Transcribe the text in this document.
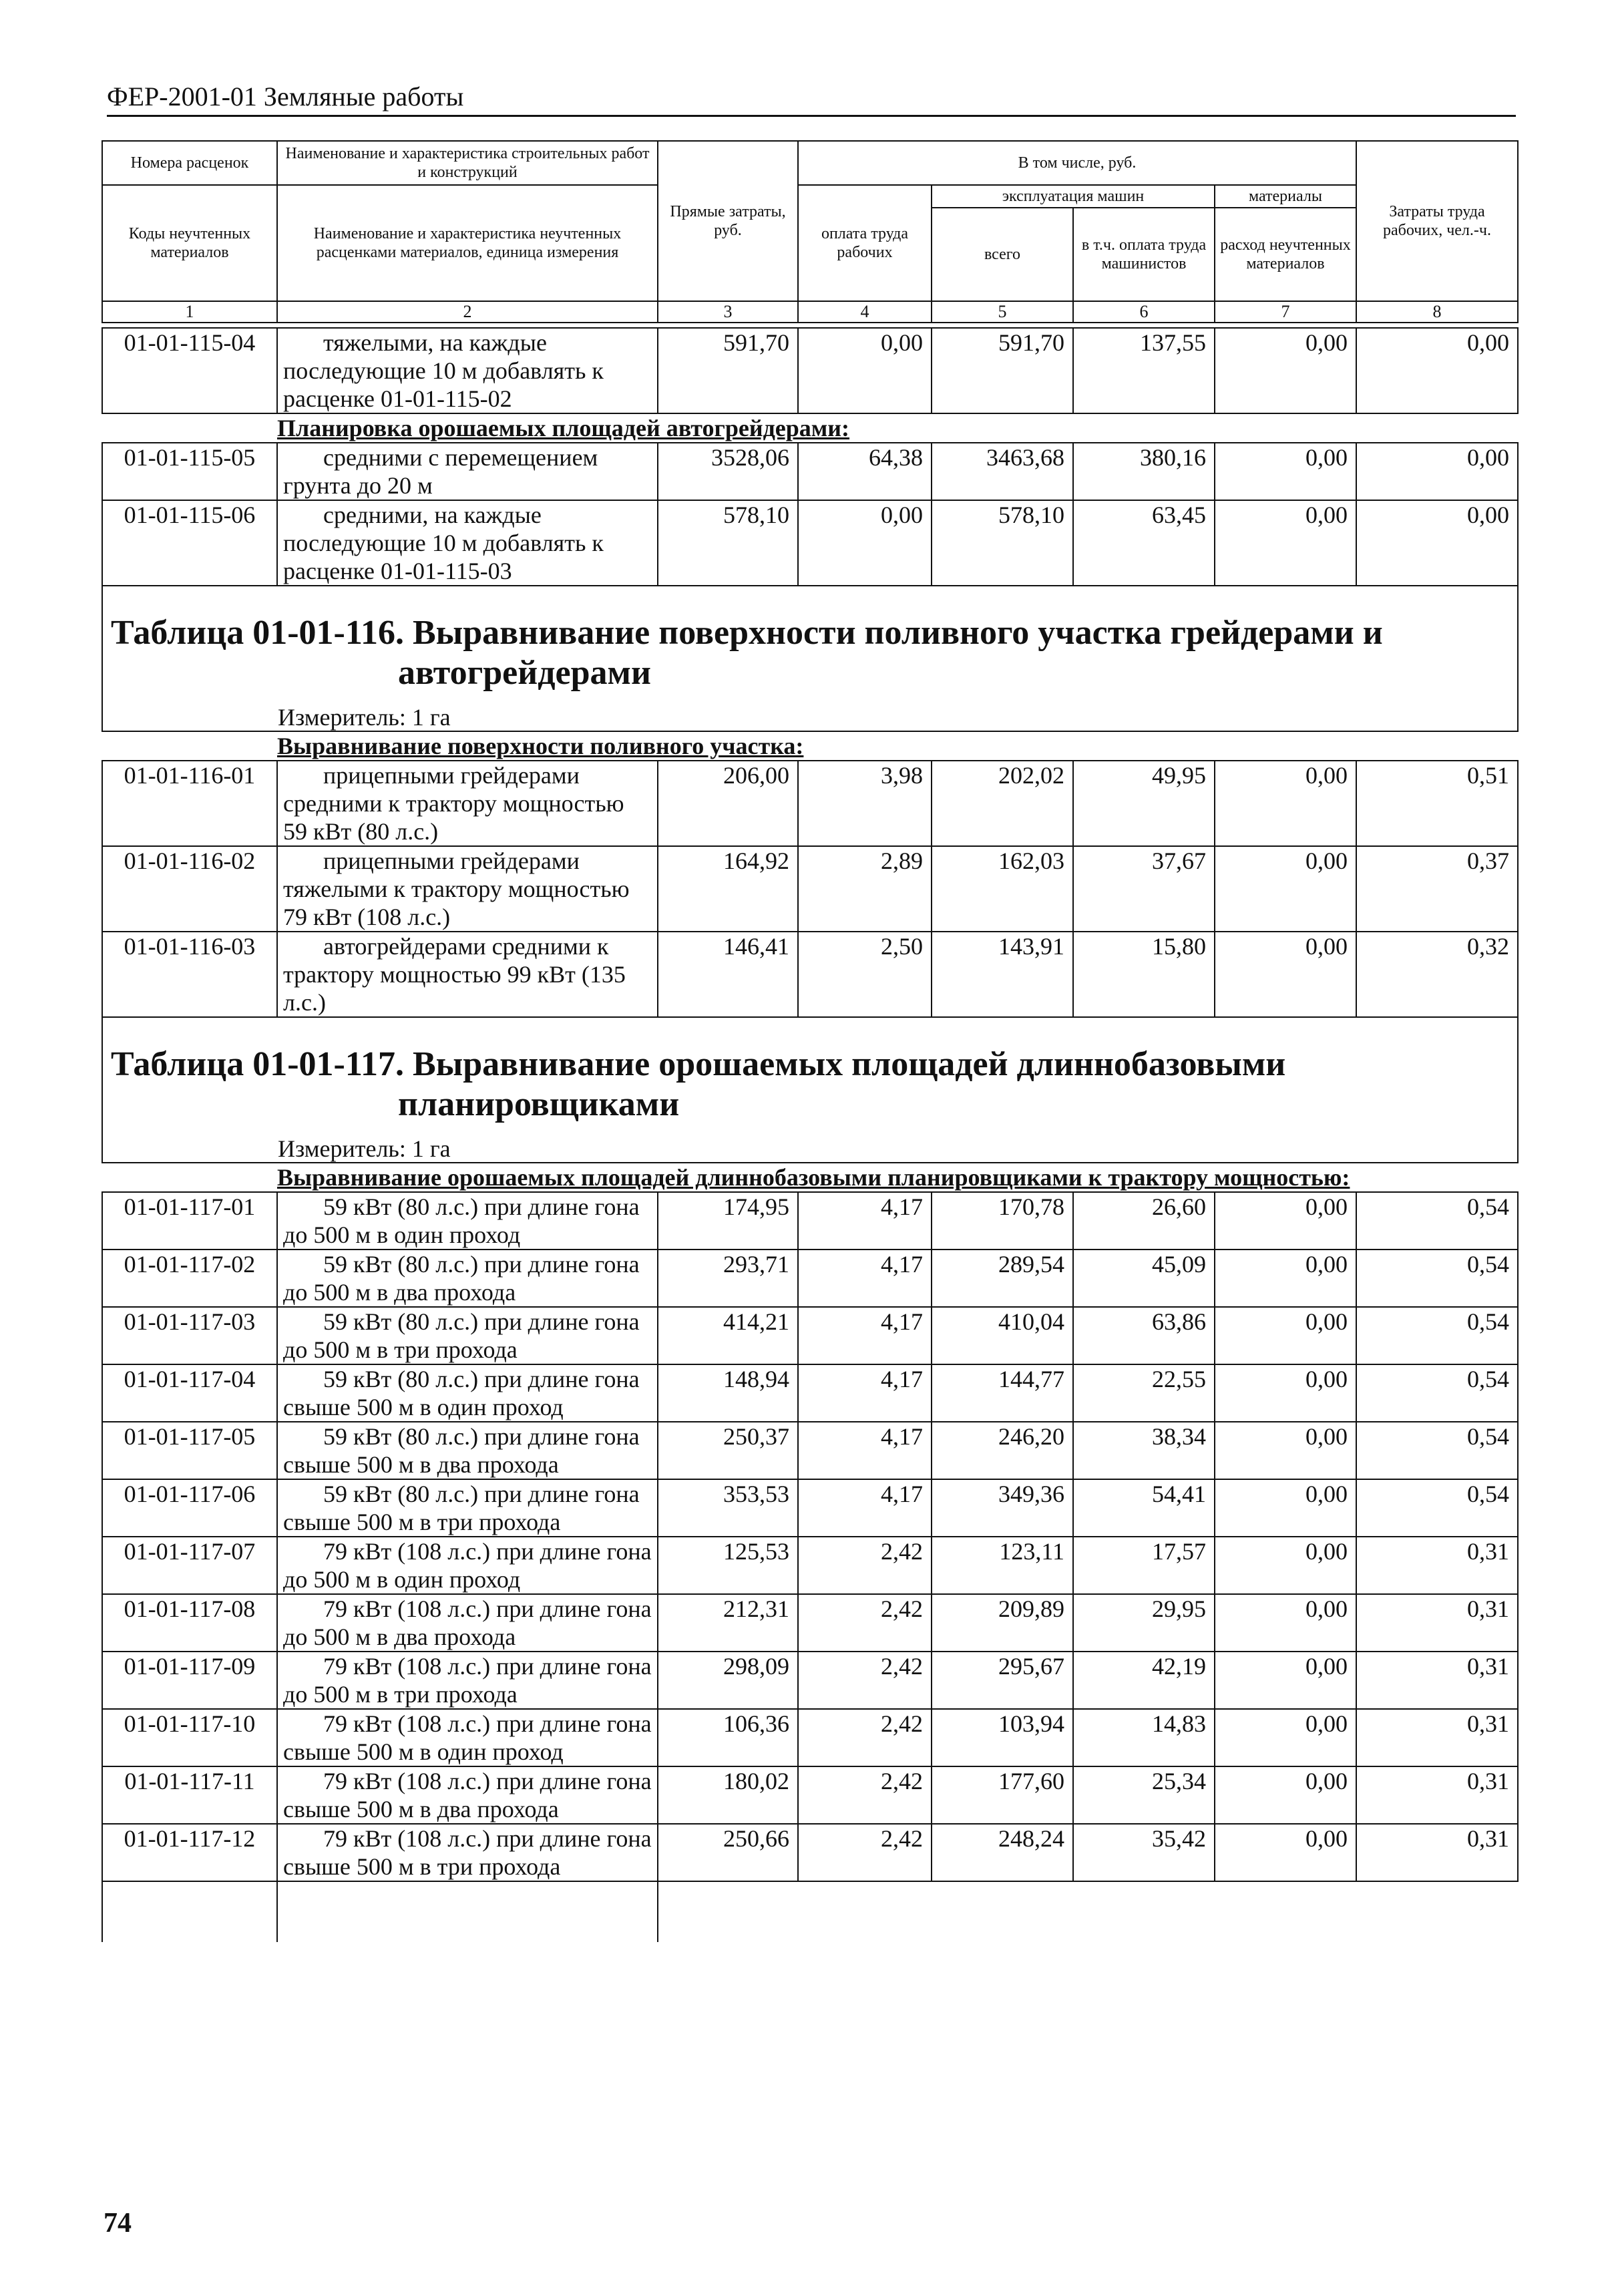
ФЕР-2001-01 Земляные работы
Номера расценок	Наименование и характеристика строительных работ и конструкций	Прямые затраты, руб.	В том числе, руб.				Затраты труда рабочих, чел.-ч.
Коды неучтенных материалов	Наименование и характеристика неучтенных расценками материалов, единица измерения		оплата труда рабочих	эксплуатация машин		материалы	
				всего	в т.ч. оплата труда машинистов	расход неучтенных материалов	
1	2	3	4	5	6	7	8
01-01-115-04	тяжелыми, на каждые последующие 10 м добавлять к расценке 01-01-115-02	591,70	0,00	591,70	137,55	0,00	0,00
Планировка орошаемых площадей автогрейдерами:							
01-01-115-05	средними с перемещением грунта до 20 м	3528,06	64,38	3463,68	380,16	0,00	0,00
01-01-115-06	средними, на каждые последующие 10 м добавлять к расценке 01-01-115-03	578,10	0,00	578,10	63,45	0,00	0,00
Таблица 01-01-116. Выравнивание поверхности поливного участка грейдерами и
автогрейдерами							

Измеритель: 1 га							
Выравнивание поверхности поливного участка:							
01-01-116-01	прицепными грейдерами средними к трактору мощностью 59 кВт (80 л.с.)	206,00	3,98	202,02	49,95	0,00	0,51
01-01-116-02	прицепными грейдерами тяжелыми к трактору мощностью 79 кВт (108 л.с.)	164,92	2,89	162,03	37,67	0,00	0,37
01-01-116-03	автогрейдерами средними к трактору мощностью 99 кВт (135 л.с.)	146,41	2,50	143,91	15,80	0,00	0,32
Таблица 01-01-117. Выравнивание орошаемых площадей длиннобазовыми
планировщиками							

Измеритель: 1 га							
Выравнивание орошаемых площадей длиннобазовыми планировщиками к трактору мощностью:							
01-01-117-01	59 кВт (80 л.с.) при длине гона до 500 м в один проход	174,95	4,17	170,78	26,60	0,00	0,54
01-01-117-02	59 кВт (80 л.с.) при длине гона до 500 м в два прохода	293,71	4,17	289,54	45,09	0,00	0,54
01-01-117-03	59 кВт (80 л.с.) при длине гона до 500 м в три прохода	414,21	4,17	410,04	63,86	0,00	0,54
01-01-117-04	59 кВт (80 л.с.) при длине гона свыше 500 м в один проход	148,94	4,17	144,77	22,55	0,00	0,54
01-01-117-05	59 кВт (80 л.с.) при длине гона свыше 500 м в два прохода	250,37	4,17	246,20	38,34	0,00	0,54
01-01-117-06	59 кВт (80 л.с.) при длине гона свыше 500 м в три прохода	353,53	4,17	349,36	54,41	0,00	0,54
01-01-117-07	79 кВт (108 л.с.) при длине гона до 500 м в один проход	125,53	2,42	123,11	17,57	0,00	0,31
01-01-117-08	79 кВт (108 л.с.) при длине гона до 500 м в два прохода	212,31	2,42	209,89	29,95	0,00	0,31
01-01-117-09	79 кВт (108 л.с.) при длине гона до 500 м в три прохода	298,09	2,42	295,67	42,19	0,00	0,31
01-01-117-10	79 кВт (108 л.с.) при длине гона свыше 500 м в один проход	106,36	2,42	103,94	14,83	0,00	0,31
01-01-117-11	79 кВт (108 л.с.) при длине гона свыше 500 м в два прохода	180,02	2,42	177,60	25,34	0,00	0,31
01-01-117-12	79 кВт (108 л.с.) при длине гона свыше 500 м в три прохода	250,66	2,42	248,24	35,42	0,00	0,31

74
